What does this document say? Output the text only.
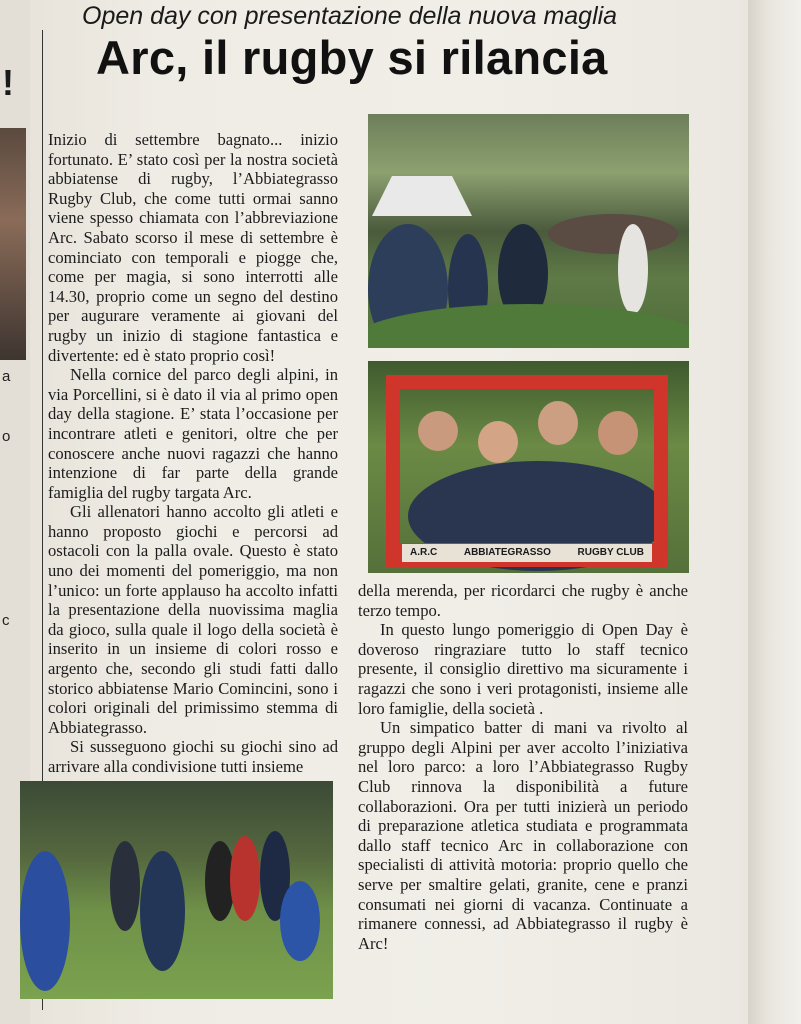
!
a
o
c
Open day con presentazione della nuova maglia
Arc, il rugby si rilancia

Inizio di settembre bagnato... inizio fortunato. E’ stato così per la nostra società abbiatense di rugby, l’Abbiategrasso Rugby Club, che come tutti ormai sanno viene spesso chiamata con l’abbreviazione Arc. Sabato scorso il mese di settembre è cominciato con temporali e piogge che, come per magia, si sono interrotti alle 14.30, proprio come un segno del destino per augurare veramente ai giovani del rugby un inizio di stagione fantastica e divertente: ed è stato proprio così!

Nella cornice del parco degli alpini, in via Porcellini, si è dato il via al primo open day della stagione. E’ stata l’occasione per incontrare atleti e genitori, oltre che per conoscere anche nuovi ragazzi che hanno intenzione di far parte della grande famiglia del rugby targata Arc.

Gli allenatori hanno accolto gli atleti e hanno proposto giochi e percorsi ad ostacoli con la palla ovale. Questo è stato uno dei momenti del pomeriggio, ma non l’unico: un forte applauso ha accolto infatti la presentazione della nuovissima maglia da gioco, sulla quale il logo della società è inserito in un insieme di colori rosso e argento che, secondo gli studi fatti dallo storico abbiatense Mario Comincini, sono i colori originali del primissimo stemma di Abbiategrasso.

Si susseguono giochi su giochi sino ad arrivare alla condivisione tutti insieme

A.R.C	ABBIATEGRASSO	RUGBY CLUB

della merenda, per ricordarci che rugby è anche terzo tempo.

In questo lungo pomeriggio di Open Day è doveroso ringraziare tutto lo staff tecnico presente, il consiglio direttivo ma sicuramente i ragazzi che sono i veri protagonisti, insieme alle loro famiglie, della società .

Un simpatico batter di mani va rivolto al gruppo degli Alpini per aver accolto l’iniziativa nel loro parco: a loro l’Abbiategrasso Rugby Club rinnova la disponibilità a future collaborazioni. Ora per tutti inizierà un periodo di preparazione atletica studiata e programmata dallo staff tecnico Arc in collaborazione con specialisti di attività motoria: proprio quello che serve per smaltire gelati, granite, cene e pranzi consumati nei giorni di vacanza. Continuate a rimanere connessi, ad Abbiategrasso il rugby è Arc!
